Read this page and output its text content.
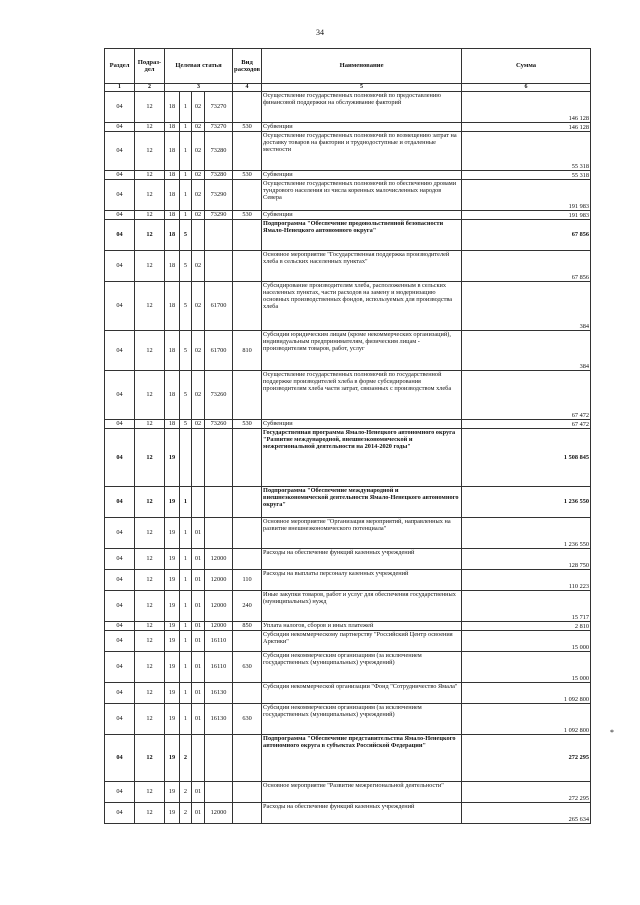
34
Раздел	Подраз-дел	Целевая статья				Вид расходов	Наименование	Сумма
1	2	3				4	5	6
04	12	18	1	02	73270		Осуществление государственных полномочий по предоставлению финансовой поддержки на обслуживание факторий	146 128
04	12	18	1	02	73270	530	Субвенции	146 128
04	12	18	1	02	73280		Осуществление государственных полномочий по возмещению затрат на доставку товаров на фактории и труднодоступные и отдаленные местности	55 318
04	12	18	1	02	73280	530	Субвенции	55 318
04	12	18	1	02	73290		Осуществление государственных полномочий по обеспечению дровами тундрового населения из числа коренных малочисленных народов Севера	191 983
04	12	18	1	02	73290	530	Субвенции	191 983
04	12	18	5				Подпрограмма "Обеспечение продовольственной безопасности Ямало-Ненецкого автономного округа"	67 856
04	12	18	5	02			Основное мероприятие "Государственная поддержка производителей хлеба в сельских населенных пунктах"	67 856
04	12	18	5	02	61700		Субсидирование производителям хлеба, расположенным в сельских населенных пунктах, части расходов на замену и модернизацию основных производственных фондов, используемых для производства хлеба	384
04	12	18	5	02	61700	810	Субсидии юридическим лицам (кроме некоммерческих организаций), индивидуальным предпринимателям, физическим лицам - производителям товаров, работ, услуг	384
04	12	18	5	02	73260		Осуществление государственных полномочий по государственной поддержке производителей хлеба в форме субсидирования производителям хлеба части затрат, связанных с производством хлеба	67 472
04	12	18	5	02	73260	530	Субвенции	67 472
04	12	19					Государственная программа Ямало-Ненецкого автономного округа "Развитие международной, внешнеэкономической и межрегиональной деятельности на 2014-2020 годы"	1 508 845
04	12	19	1				Подпрограмма "Обеспечение международной и внешнеэкономической деятельности Ямало-Ненецкого автономного округа"	1 236 550
04	12	19	1	01			Основное мероприятие "Организация мероприятий, направленных на развитие внешнеэкономического потенциала"	1 236 550
04	12	19	1	01	12000		Расходы на обеспечение функций казенных учреждений	128 750
04	12	19	1	01	12000	110	Расходы на выплаты персоналу казенных учреждений	110 223
04	12	19	1	01	12000	240	Иные закупки товаров, работ и услуг для обеспечения государственных (муниципальных) нужд	15 717
04	12	19	1	01	12000	850	Уплата налогов, сборов и иных платежей	2 810
04	12	19	1	01	16110		Субсидия некоммерческому партнерству "Российский Центр освоения Арктики"	15 000
04	12	19	1	01	16110	630	Субсидии некоммерческим организациям (за исключением государственных (муниципальных) учреждений)	15 000
04	12	19	1	01	16130		Субсидия некоммерческой организации "Фонд "Сотрудничество Ямала"	1 092 800
04	12	19	1	01	16130	630	Субсидии некоммерческим организациям (за исключением государственных (муниципальных) учреждений)	1 092 800
04	12	19	2				Подпрограмма "Обеспечение представительства Ямало-Ненецкого автономного округа в субъектах Российской Федерации"	272 295
04	12	19	2	01			Основное мероприятие "Развитие межрегиональной деятельности"	272 295
04	12	19	2	01	12000		Расходы на обеспечение функций казенных учреждений	265 634
*
